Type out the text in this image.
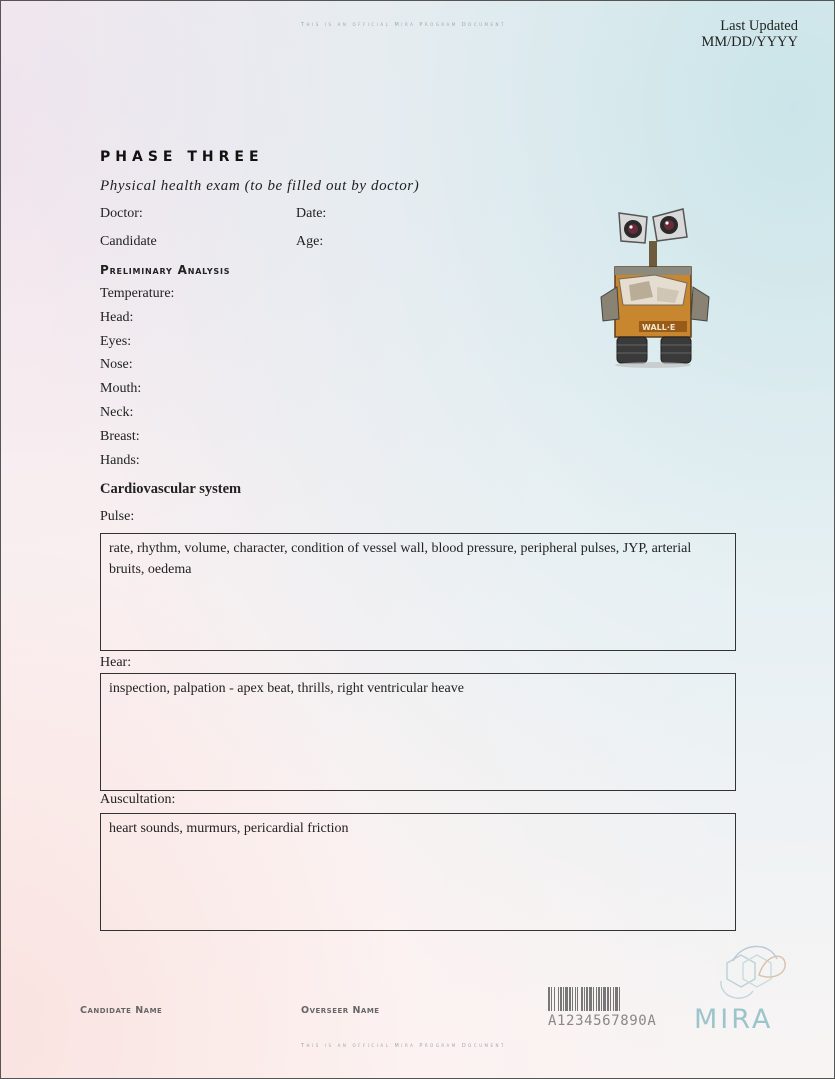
This is an official Mira Program Document	Last Updated
MM/DD/YYYY
PHASE THREE
Physical health exam (to be filled out by doctor)
Doctor:	Date:
Candidate	Age:
Preliminary Analysis
Temperature:
Head:
Eyes:
Nose:
Mouth:
Neck:
Breast:
Hands:
WALL·E
Cardiovascular system
Pulse:
rate, rhythm, volume, character, condition of vessel wall, blood pressure, peripheral pulses, JYP, arterial bruits, oedema
Hear:
inspection, palpation - apex beat, thrills, right ventricular heave
Auscultation:
heart sounds, murmurs, pericardial friction
Candidate Name	Overseer Name
A1234567890A MIRA
This is an official Mira Program Document
